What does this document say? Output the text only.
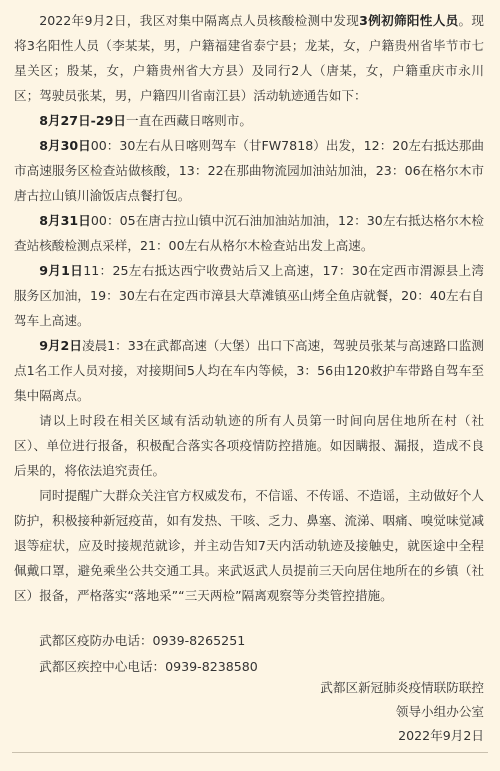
2022年9月2日，我区对集中隔离点人员核酸检测中发现3例初筛阳性人员。现将3名阳性人员（李某某，男，户籍福建省泰宁县；龙某，女，户籍贵州省毕节市七星关区；殷某，女，户籍贵州省大方县）及同行2人（唐某，女，户籍重庆市永川区；驾驶员张某，男，户籍四川省南江县）活动轨迹通告如下：

8月27日-29日一直在西藏日喀则市。

8月30日00：30左右从日喀则驾车（甘FW7818）出发，12：20左右抵达那曲市高速服务区检查站做核酸，13：22在那曲物流园加油站加油，23：06在格尔木市唐古拉山镇川渝饭店点餐打包。

8月31日00：05在唐古拉山镇中沉石油加油站加油，12：30左右抵达格尔木检查站核酸检测点采样，21：00左右从格尔木检查站出发上高速。

9月1日11：25左右抵达西宁收费站后又上高速，17：30在定西市渭源县上湾服务区加油，19：30左右在定西市漳县大草滩镇巫山烤全鱼店就餐，20：40左右自驾车上高速。

9月2日凌晨1：33在武都高速（大堡）出口下高速，驾驶员张某与高速路口监测点1名工作人员对接，对接期间5人均在车内等候，3：56由120救护车带路自驾车至集中隔离点。

请以上时段在相关区域有活动轨迹的所有人员第一时间向居住地所在村（社区）、单位进行报备，积极配合落实各项疫情防控措施。如因瞒报、漏报，造成不良后果的，将依法追究责任。

同时提醒广大群众关注官方权威发布，不信谣、不传谣、不造谣，主动做好个人防护，积极接种新冠疫苗，如有发热、干咳、乏力、鼻塞、流涕、咽痛、嗅觉味觉减退等症状，应及时接规范就诊，并主动告知7天内活动轨迹及接触史，就医途中全程佩戴口罩，避免乘坐公共交通工具。来武返武人员提前三天向居住地所在的乡镇（社区）报备，严格落实“落地采”“三天两检”隔离观察等分类管控措施。

武都区疫防办电话：0939-8265251
武都区疾控中心电话：0939-8238580
武都区新冠肺炎疫情联防联控
领导小组办公室
2022年9月2日
